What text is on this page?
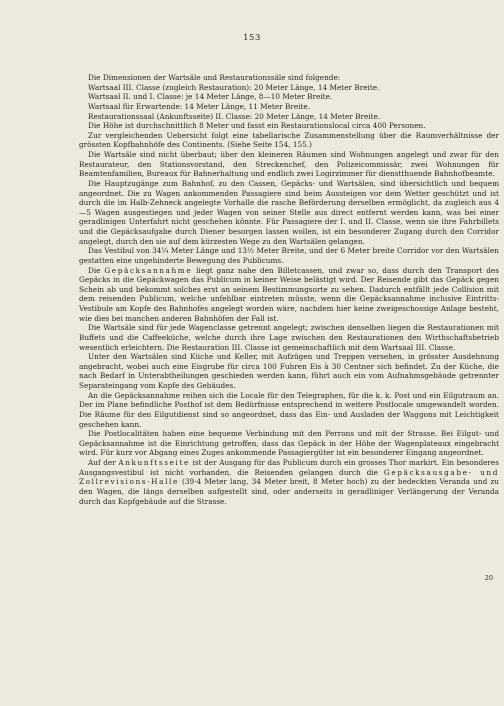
153

Die Dimensionen der Wartsäle und Restaurationssäle sind folgende:

Wartsaal III. Classe (zugleich Restauration): 20 Meter Länge, 14 Meter Breite.

Wartsaal II. und I. Classe: je 14 Meter Länge, 8—10 Meter Breite.

Wartsaal für Erwartende: 14 Meter Länge, 11 Meter Breite.

Restaurationssaal (Ankunftsseite) II. Classe: 20 Meter Länge, 14 Meter Breite.

Die Höhe ist durchschnittlich 8 Meter und fasst ein Restaurationslocal circa 400 Personen.

Zur vergleichenden Uebersicht folgt eine tabellarische Zusammenstellung über die Raumverhältnisse der grössten Kopfbahnhöfe des Continents. (Siehe Seite 154, 155.)

Die Wartsäle sind nicht überbaut; über den kleineren Räumen sind Wohnungen angelegt und zwar für den Restaurateur, den Stationsvorstand, den Streckenchef, den Polizeicommissär, zwei Wohnungen für Beamtenfamilien, Bureaux für Bahnerhaltung und endlich zwei Logirzimmer für dienstthuende Bahnhofbeamte.

Die Hauptzugänge zum Bahnhof, zu den Cassen, Gepäcks- und Wartsälen, sind übersichtlich und bequem angeordnet. Die zu Wagen ankommenden Passagiere sind beim Aussteigen vor dem Wetter geschützt und ist durch die im Halb-Zehneck angelegte Vorhalle die rasche Beförderung derselben ermöglicht, da zugleich aus 4—5 Wagen ausgestiegen und jeder Wagen von seiner Stelle aus direct entfernt werden kann, was bei einer geradlinigen Unterfahrt nicht geschehen könnte. Für Passagiere der I. und II. Classe, wenn sie ihre Fahrbillets und die Gepäcksaufgabe durch Diener besorgen lassen wollen, ist ein besonderer Zugang durch den Corridor angelegt, durch den sie auf dem kürzesten Wege zu den Wartsälen gelangen.

Das Vestibul von 34¼ Meter Länge und 13½ Meter Breite, und der 6 Meter breite Corridor vor den Wartsälen gestatten eine ungehinderte Bewegung des Publicums.

Die Gepäcksannahme liegt ganz nahe den Billetcassen, und zwar so, dass durch den Transport des Gepäcks in die Gepäckwagen das Publicum in keiner Weise belästigt wird. Der Reisende gibt das Gepäck gegen Schein ab und bekommt solches erst an seinem Bestimmungsorte zu sehen. Dadurch entfällt jede Collision mit dem reisenden Publicum, welche unfehlbar eintreten müsste, wenn die Gepäcksannahme inclusive Eintritts-Vestibule am Kopfe des Bahnhofes angelegt worden wäre, nachdem hier keine zweigeschossige Anlage besteht, wie dies bei manchen anderen Bahnhöfen der Fall ist.

Die Wartsäle sind für jede Wagenclasse getrennt angelegt; zwischen denselben liegen die Restaurationen mit Buffets und die Caffeeküche, welche durch ihre Lage zwischen den Restaurationen den Wirthschaftsbetrieb wesentlich erleichtern. Die Restauration III. Classe ist gemeinschaftlich mit dem Wartsaal III. Classe.

Unter den Wartsälen sind Küche und Keller, mit Aufzügen und Treppen versehen, in grösster Ausdehnung angebracht, wobei auch eine Eisgrube für circa 100 Fuhren Eis à 30 Centner sich befindet. Zu der Küche, die nach Bedarf in Unterabtheilungen geschieden werden kann, führt auch ein vom Aufnahmsgebäude getrennter Separateingang vom Kopfe des Gebäudes.

An die Gepäcksannahme reihen sich die Locale für den Telegraphen, für die k. k. Post und ein Eilgutraum an. Der im Plane befindliche Posthof ist dem Bedürfnisse entsprechend in weitere Postlocale umgewandelt worden. Die Räume für den Eilgutdienst sind so angeordnet, dass das Ein- und Ausladen der Waggons mit Leichtigkeit geschehen kann.

Die Postlocalitäten haben eine bequeme Verbindung mit den Perrons und mit der Strasse. Bei Eilgut- und Gepäcksannahme ist die Einrichtung getroffen, dass das Gepäck in der Höhe der Wagenplateaux eingebracht wird. Für kurz vor Abgang eines Zuges ankommende Passagiergüter ist ein besonderer Eingang angeordnet.

Auf der Ankunftsseite ist der Ausgang für das Publicum durch ein grosses Thor markirt. Ein besonderes Ausgangsvestibul ist nicht vorhanden, die Reisenden gelangen durch die Gepäcksausgabe- und Zollrevisions-Halle (39·4 Meter lang, 34 Meter breit, 8 Meter hoch) zu der bedeckten Veranda und zu den Wagen, die längs derselben aufgestellt sind, oder anderseits in geradliniger Verlängerung der Veranda durch das Kopfgebäude auf die Strasse.

20
